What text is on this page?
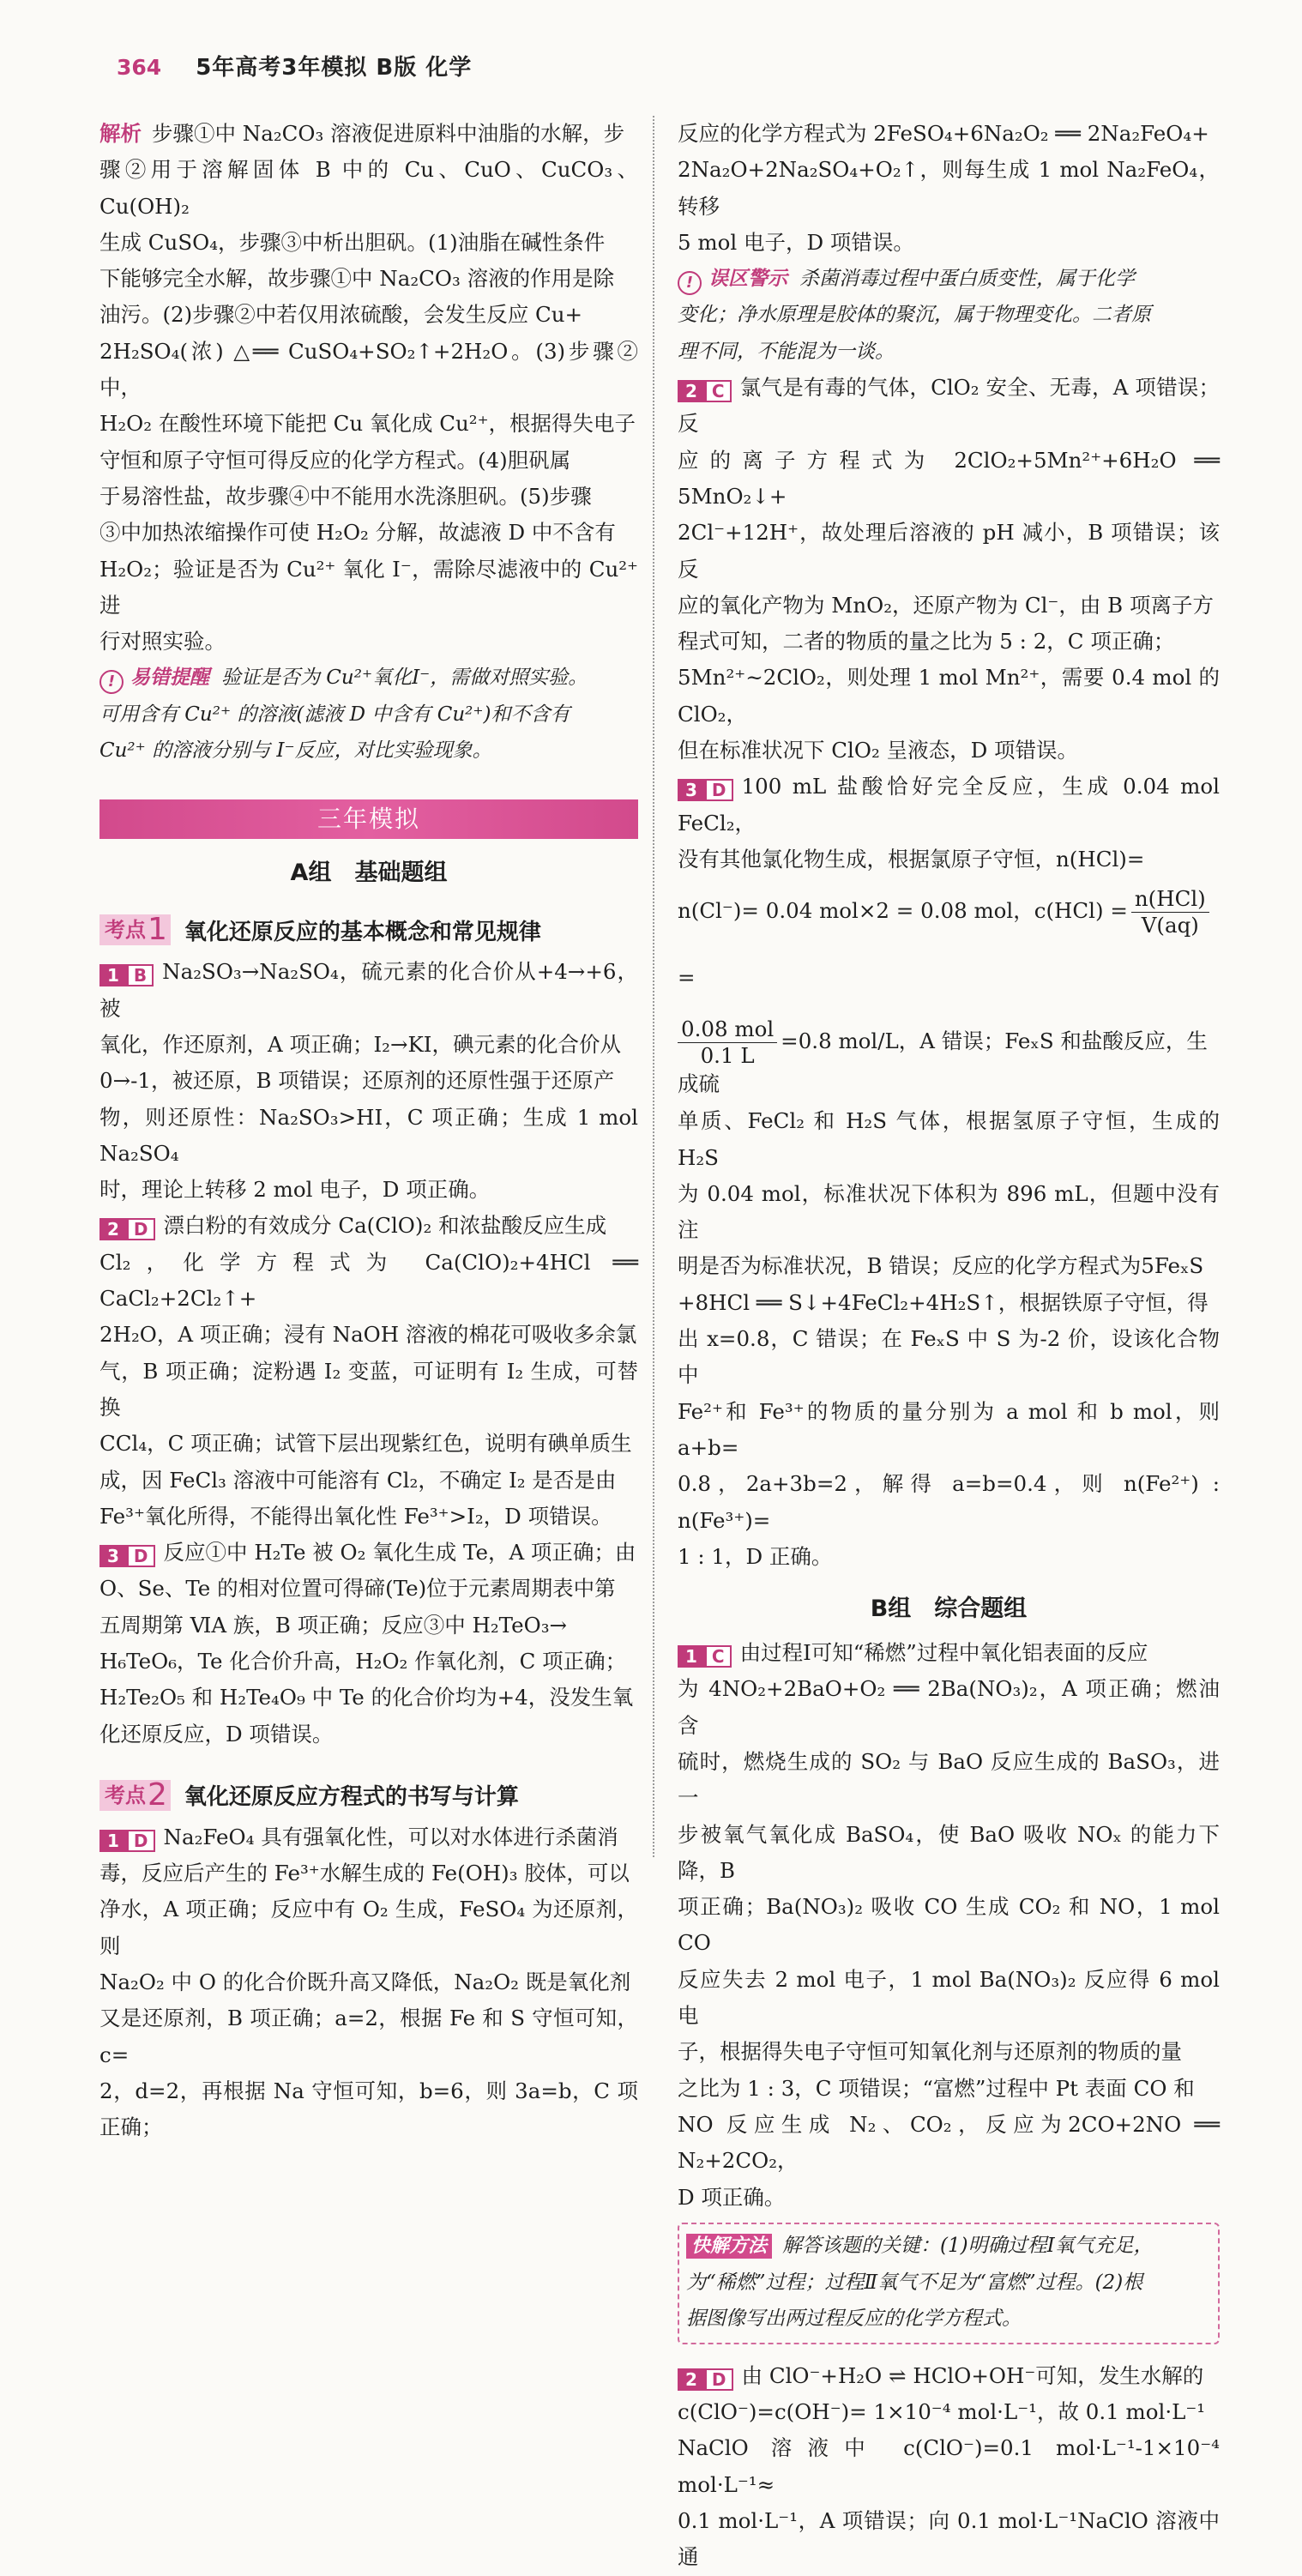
364 5年高考3年模拟 B版 化学

解析 步骤①中 Na₂CO₃ 溶液促进原料中油脂的水解，步

骤②用于溶解固体 B 中的 Cu、CuO、CuCO₃、Cu(OH)₂

生成 CuSO₄，步骤③中析出胆矾。(1)油脂在碱性条件

下能够完全水解，故步骤①中 Na₂CO₃ 溶液的作用是除

油污。(2)步骤②中若仅用浓硫酸，会发生反应 Cu+

2H₂SO₄(浓) △══ CuSO₄+SO₂↑+2H₂O。(3)步骤②中，

H₂O₂ 在酸性环境下能把 Cu 氧化成 Cu²⁺，根据得失电子

守恒和原子守恒可得反应的化学方程式。(4)胆矾属

于易溶性盐，故步骤④中不能用水洗涤胆矾。(5)步骤

③中加热浓缩操作可使 H₂O₂ 分解，故滤液 D 中不含有

H₂O₂；验证是否为 Cu²⁺ 氧化 I⁻，需除尽滤液中的 Cu²⁺ 进

行对照实验。

! 易错提醒 验证是否为 Cu²⁺氧化I⁻，需做对照实验。

可用含有 Cu²⁺ 的溶液(滤液 D 中含有 Cu²⁺)和不含有

Cu²⁺ 的溶液分别与 I⁻反应，对比实验现象。

三年模拟
A组　基础题组
考点 1 氧化还原反应的基本概念和常见规律

1 B Na₂SO₃→Na₂SO₄，硫元素的化合价从+4→+6，被

氧化，作还原剂，A 项正确；I₂→KI，碘元素的化合价从

0→-1，被还原，B 项错误；还原剂的还原性强于还原产

物，则还原性：Na₂SO₃>HI，C 项正确；生成 1 mol Na₂SO₄

时，理论上转移 2 mol 电子，D 项正确。

2 D 漂白粉的有效成分 Ca(ClO)₂ 和浓盐酸反应生成

Cl₂，化学方程式为 Ca(ClO)₂+4HCl ══ CaCl₂+2Cl₂↑+

2H₂O，A 项正确；浸有 NaOH 溶液的棉花可吸收多余氯

气，B 项正确；淀粉遇 I₂ 变蓝，可证明有 I₂ 生成，可替换

CCl₄，C 项正确；试管下层出现紫红色，说明有碘单质生

成，因 FeCl₃ 溶液中可能溶有 Cl₂，不确定 I₂ 是否是由

Fe³⁺氧化所得，不能得出氧化性 Fe³⁺>I₂，D 项错误。

3 D 反应①中 H₂Te 被 O₂ 氧化生成 Te，A 项正确；由

O、Se、Te 的相对位置可得碲(Te)位于元素周期表中第

五周期第 ⅥA 族，B 项正确；反应③中 H₂TeO₃→

H₆TeO₆，Te 化合价升高，H₂O₂ 作氧化剂，C 项正确；

H₂Te₂O₅ 和 H₂Te₄O₉ 中 Te 的化合价均为+4，没发生氧

化还原反应，D 项错误。

考点 2 氧化还原反应方程式的书写与计算

1 D Na₂FeO₄ 具有强氧化性，可以对水体进行杀菌消

毒，反应后产生的 Fe³⁺水解生成的 Fe(OH)₃ 胶体，可以

净水，A 项正确；反应中有 O₂ 生成，FeSO₄ 为还原剂，则

Na₂O₂ 中 O 的化合价既升高又降低，Na₂O₂ 既是氧化剂

又是还原剂，B 项正确；a=2，根据 Fe 和 S 守恒可知，c=

2，d=2，再根据 Na 守恒可知，b=6，则 3a=b，C 项正确；

反应的化学方程式为 2FeSO₄+6Na₂O₂ ══ 2Na₂FeO₄+

2Na₂O+2Na₂SO₄+O₂↑，则每生成 1 mol Na₂FeO₄，转移

5 mol 电子，D 项错误。

! 误区警示 杀菌消毒过程中蛋白质变性，属于化学

变化；净水原理是胶体的聚沉，属于物理变化。二者原

理不同，不能混为一谈。

2 C 氯气是有毒的气体，ClO₂ 安全、无毒，A 项错误；反

应的离子方程式为 2ClO₂+5Mn²⁺+6H₂O ══ 5MnO₂↓+

2Cl⁻+12H⁺，故处理后溶液的 pH 减小，B 项错误；该反

应的氧化产物为 MnO₂，还原产物为 Cl⁻，由 B 项离子方

程式可知，二者的物质的量之比为 5 : 2，C 项正确；

5Mn²⁺~2ClO₂，则处理 1 mol Mn²⁺，需要 0.4 mol 的 ClO₂，

但在标准状况下 ClO₂ 呈液态，D 项错误。

3 D 100 mL 盐酸恰好完全反应，生成 0.04 mol FeCl₂，

没有其他氯化物生成，根据氯原子守恒，n(HCl)=

n(Cl⁻)= 0.04 mol×2 = 0.08 mol，$c(HCl) = \frac{\text{n(HCl)}}{V(aq)}$
=

$\frac{\text{0.08 mol}}{0.1 L} =0.8$ mol/L，A 错误；FeₓS 和盐酸反应，生成硫

单质、FeCl₂ 和 H₂S 气体，根据氢原子守恒，生成的 H₂S

为 0.04 mol，标准状况下体积为 896 mL，但题中没有注

明是否为标准状况，B 错误；反应的化学方程式为5FeₓS

+8HCl ══ S↓+4FeCl₂+4H₂S↑，根据铁原子守恒，得

出 x=0.8，C 错误；在 FeₓS 中 S 为-2 价，设该化合物中

Fe²⁺和 Fe³⁺的物质的量分别为 a mol 和 b mol，则 a+b=

0.8，2a+3b=2，解得 a=b=0.4，则 n(Fe²⁺) : n(Fe³⁺)=

1 : 1，D 正确。

B组　综合题组

1 C 由过程Ⅰ可知“稀燃”过程中氧化铝表面的反应

为 4NO₂+2BaO+O₂ ══ 2Ba(NO₃)₂，A 项正确；燃油含

硫时，燃烧生成的 SO₂ 与 BaO 反应生成的 BaSO₃，进一

步被氧气氧化成 BaSO₄，使 BaO 吸收 NOₓ 的能力下降，B

项正确；Ba(NO₃)₂ 吸收 CO 生成 CO₂ 和 NO，1 mol CO

反应失去 2 mol 电子，1 mol Ba(NO₃)₂ 反应得 6 mol 电

子，根据得失电子守恒可知氧化剂与还原剂的物质的量

之比为 1 : 3，C 项错误；“富燃”过程中 Pt 表面 CO 和

NO 反应生成 N₂、CO₂，反应为2CO+2NO ══ N₂+2CO₂，

D 项正确。

快解方法 解答该题的关键：(1)明确过程Ⅰ氧气充足，

为“稀燃”过程；过程Ⅱ氧气不足为“富燃”过程。(2)根

据图像写出两过程反应的化学方程式。

2 D 由 ClO⁻+H₂O ⇌ HClO+OH⁻可知，发生水解的

c(ClO⁻)=c(OH⁻)= 1×10⁻⁴ mol·L⁻¹，故 0.1 mol·L⁻¹

NaClO 溶液中 c(ClO⁻)=0.1 mol·L⁻¹-1×10⁻⁴ mol·L⁻¹≈

0.1 mol·L⁻¹，A 项错误；向 0.1 mol·L⁻¹NaClO 溶液中通
